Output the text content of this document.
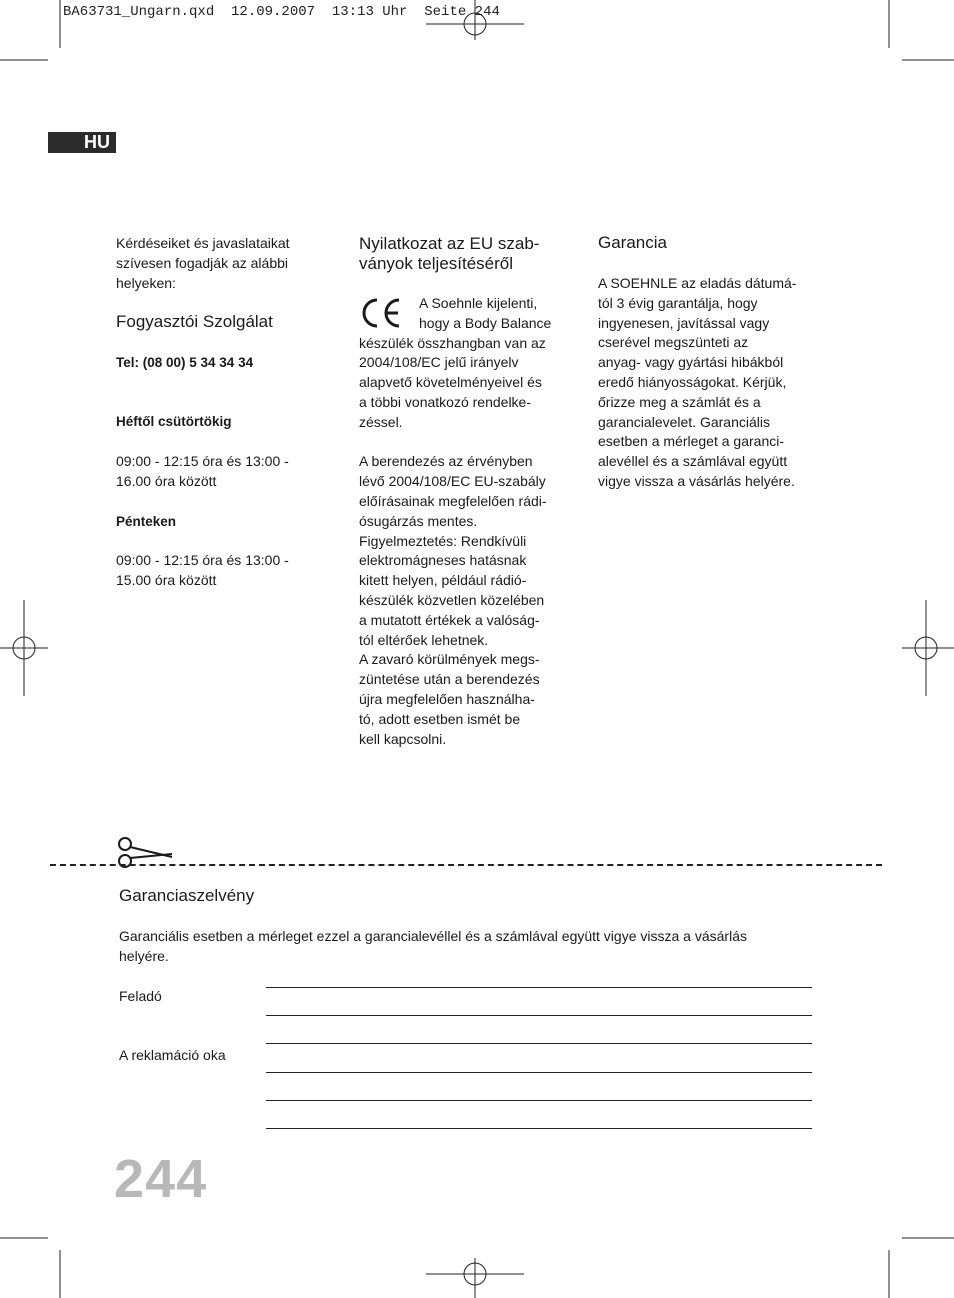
BA63731_Ungarn.qxd  12.09.2007  13:13 Uhr  Seite 244
HU

Kérdéseiket és javaslataikat

szívesen fogadják az alábbi

helyeken:

Fogyasztói Szolgálat

Tel: (08 00) 5 34 34 34

Héftől csütörtökig

09:00 - 12:15 óra és 13:00 -

16.00 óra között

Pénteken

09:00 - 12:15 óra és 13:00 -

15.00 óra között

Nyilatkozat az EU szab-
ványok teljesítéséről

A Soehnle kijelenti,

hogy a Body Balance

készülék összhangban van az

2004/108/EC jelű irányelv

alapvető követelményeivel és

a többi vonatkozó rendelke-

zéssel.

A berendezés az érvényben

lévő 2004/108/EC EU-szabály

előírásainak megfelelően rádi-

ósugárzás mentes.

Figyelmeztetés: Rendkívüli

elektromágneses hatásnak

kitett helyen, például rádió-

készülék közvetlen közelében

a mutatott értékek a valóság-

tól eltérőek lehetnek.

A zavaró körülmények megs-

züntetése után a berendezés

újra megfelelően használha-

tó, adott esetben ismét be

kell kapcsolni.

Garancia

A SOEHNLE az eladás dátumá-

tól 3 évig garantálja, hogy

ingyenesen, javítással vagy

cserével megszünteti az

anyag- vagy gyártási hibákból

eredő hiányosságokat. Kérjük,

őrizze meg a számlát és a

garancialevelet. Garanciális

esetben a mérleget a garanci-

alevéllel és a számlával együtt

vigye vissza a vásárlás helyére.

Garanciaszelvény

Garanciális esetben a mérleget ezzel a garancialevéllel és a számlával együtt vigye vissza a vásárlás

helyére.

Feladó
A reklamáció oka
244
